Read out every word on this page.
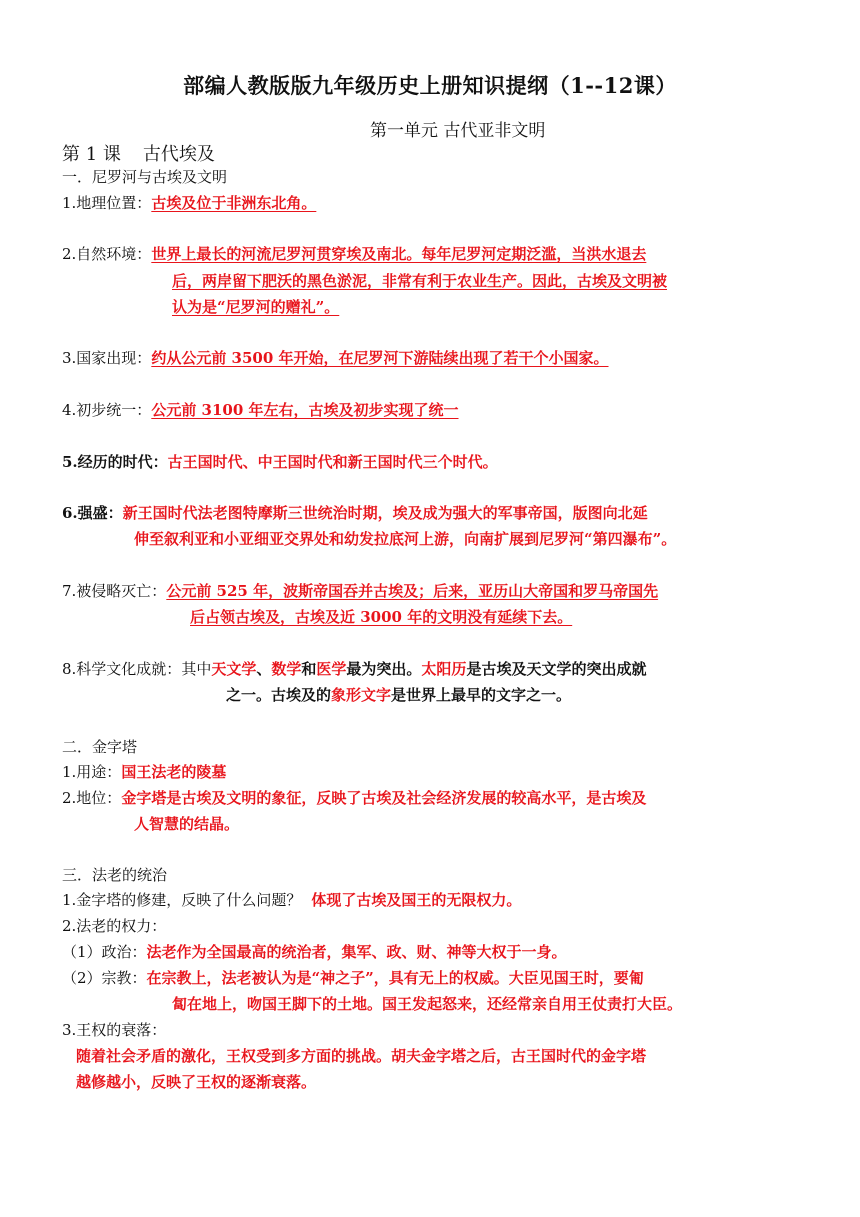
部编人教版版九年级历史上册知识提纲（1--12课）
第一单元 古代亚非文明
第 1 课 古代埃及
一．尼罗河与古埃及文明
1.地理位置：古埃及位于非洲东北角。
2.自然环境：世界上最长的河流尼罗河贯穿埃及南北。每年尼罗河定期泛滥，当洪水退去
后，两岸留下肥沃的黑色淤泥，非常有利于农业生产。因此，古埃及文明被
认为是“尼罗河的赠礼”。
3.国家出现：约从公元前 3500 年开始，在尼罗河下游陆续出现了若干个小国家。
4.初步统一：公元前 3100 年左右，古埃及初步实现了统一
5.经历的时代：古王国时代、中王国时代和新王国时代三个时代。
6.强盛：新王国时代法老图特摩斯三世统治时期，埃及成为强大的军事帝国，版图向北延
伸至叙利亚和小亚细亚交界处和幼发拉底河上游，向南扩展到尼罗河“第四瀑布”。
7.被侵略灭亡：公元前 525 年，波斯帝国吞并古埃及；后来，亚历山大帝国和罗马帝国先
后占领古埃及，古埃及近 3000 年的文明没有延续下去。
8.科学文化成就：其中天文学、数学和医学最为突出。太阳历是古埃及天文学的突出成就
之一。古埃及的象形文字是世界上最早的文字之一。
二．金字塔
1.用途：国王法老的陵墓
2.地位：金字塔是古埃及文明的象征，反映了古埃及社会经济发展的较高水平，是古埃及
人智慧的结晶。
三．法老的统治
1.金字塔的修建，反映了什么问题？ 体现了古埃及国王的无限权力。
2.法老的权力：
（1）政治：法老作为全国最高的统治者，集军、政、财、神等大权于一身。
（2）宗教：在宗教上，法老被认为是“神之子”，具有无上的权威。大臣见国王时，要匍
匐在地上，吻国王脚下的土地。国王发起怒来，还经常亲自用王仗责打大臣。
3.王权的衰落：
随着社会矛盾的激化，王权受到多方面的挑战。胡夫金字塔之后，古王国时代的金字塔
越修越小，反映了王权的逐渐衰落。
